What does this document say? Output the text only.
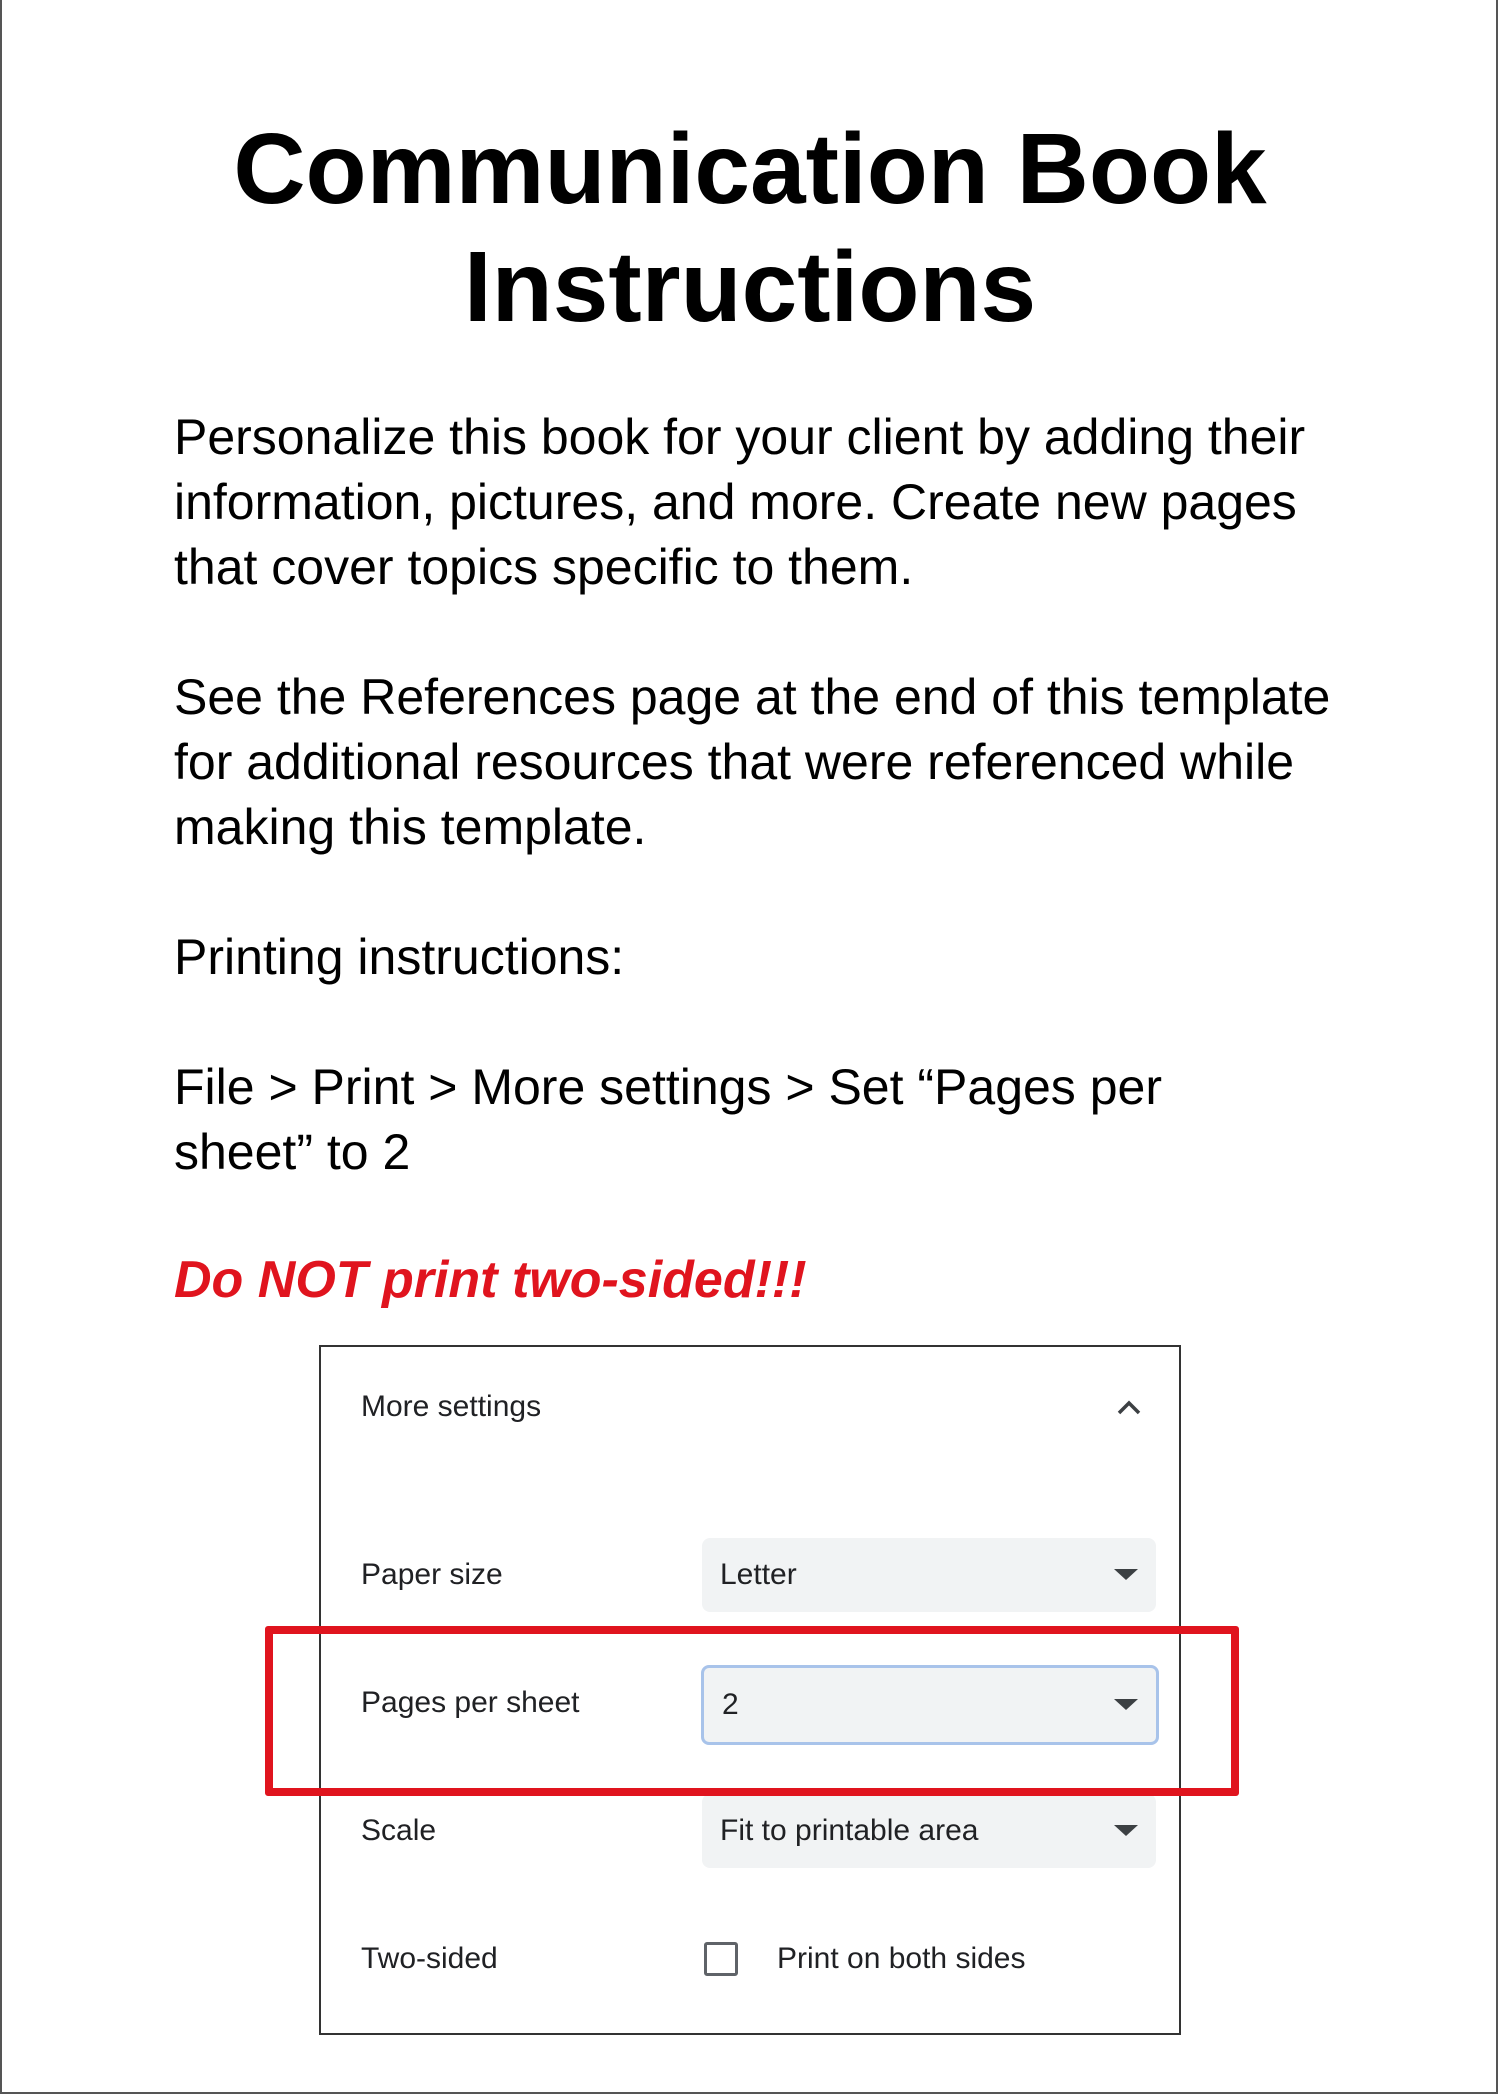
Communication Book
Instructions

Personalize this book for your client by adding their information, pictures, and more. Create new pages that cover topics specific to them.

See the References page at the end of this template for additional resources that were referenced while making this template.

Printing instructions:

File > Print > More settings > Set “Pages per sheet” to 2

Do NOT print two-sided!!!

More settings
Paper size	Letter
Pages per sheet	2
Scale	Fit to printable area
Two-sided	Print on both sides
